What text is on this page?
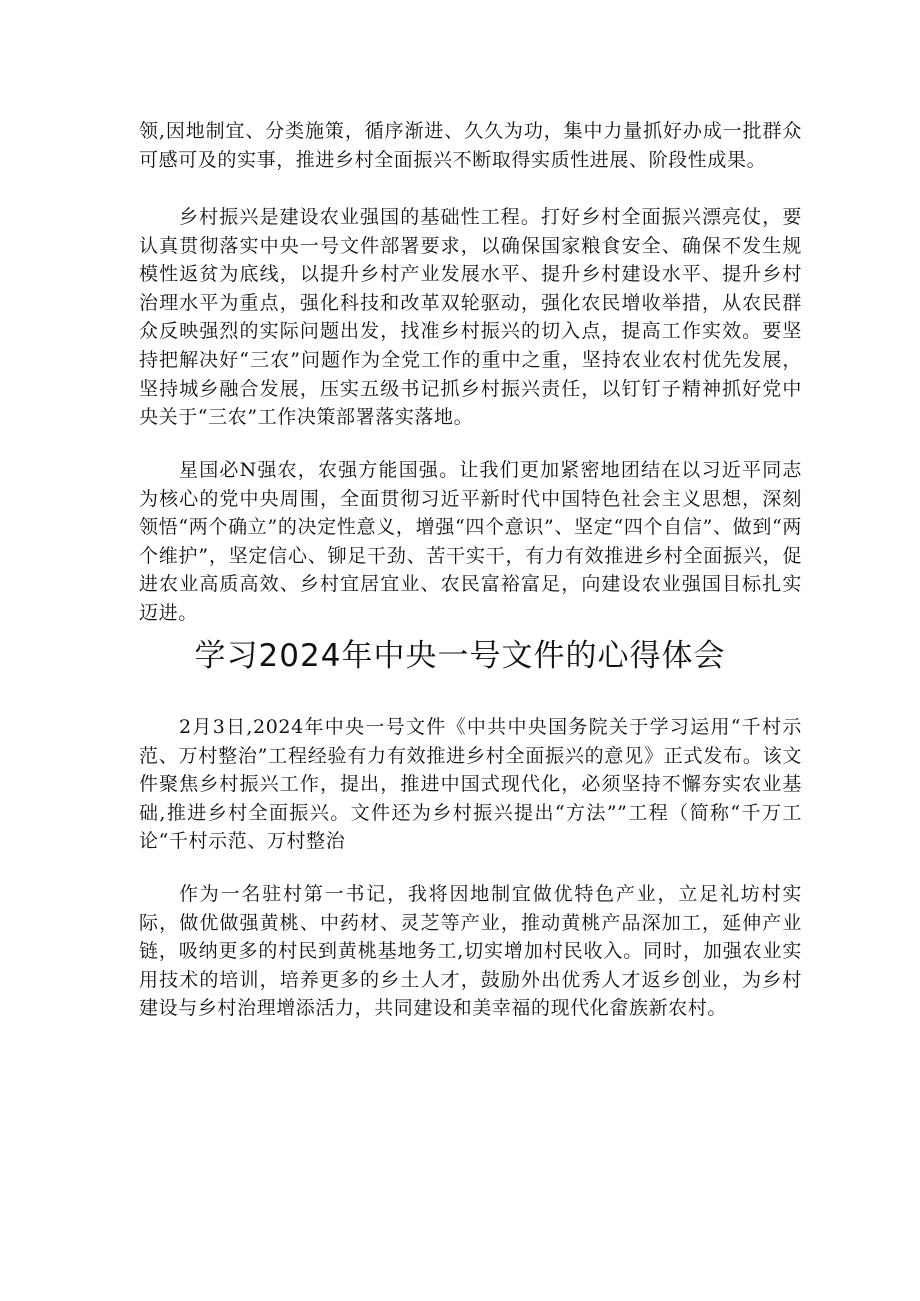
领,因地制宜、分类施策，循序渐进、久久为功，集中力量抓好办成一批群众可感可及的实事，推进乡村全面振兴不断取得实质性进展、阶段性成果。

乡村振兴是建设农业强国的基础性工程。打好乡村全面振兴漂亮仗，要认真贯彻落实中央一号文件部署要求，以确保国家粮食安全、确保不发生规模性返贫为底线，以提升乡村产业发展水平、提升乡村建设水平、提升乡村治理水平为重点，强化科技和改革双轮驱动，强化农民增收举措，从农民群众反映强烈的实际问题出发，找准乡村振兴的切入点，提高工作实效。要坚持把解决好“三农”问题作为全党工作的重中之重，坚持农业农村优先发展，坚持城乡融合发展，压实五级书记抓乡村振兴责任，以钉钉子精神抓好党中央关于“三农”工作决策部署落实落地。

星国必N强农，农强方能国强。让我们更加紧密地团结在以习近平同志为核心的党中央周围，全面贯彻习近平新时代中国特色社会主义思想，深刻领悟“两个确立”的决定性意义，增强“四个意识”、坚定“四个自信”、做到“两个维护”，坚定信心、铆足干劲、苦干实干，有力有效推进乡村全面振兴，促进农业高质高效、乡村宜居宜业、农民富裕富足，向建设农业强国目标扎实迈进。

学习2024年中央一号文件的心得体会

2月3日,2024年中央一号文件《中共中央国务院关于学习运用“千村示范、万村整治”工程经验有力有效推进乡村全面振兴的意见》正式发布。该文件聚焦乡村振兴工作，提出，推进中国式现代化，必须坚持不懈夯实农业基础,推进乡村全面振兴。文件还为乡村振兴提出“方法””工程（简称“千万工论“千村示范、万村整治

作为一名驻村第一书记，我将因地制宜做优特色产业，立足礼坊村实际，做优做强黄桃、中药材、灵芝等产业，推动黄桃产品深加工，延伸产业链，吸纳更多的村民到黄桃基地务工,切实增加村民收入。同时，加强农业实用技术的培训，培养更多的乡土人才，鼓励外出优秀人才返乡创业，为乡村建设与乡村治理增添活力，共同建设和美幸福的现代化畲族新农村。
